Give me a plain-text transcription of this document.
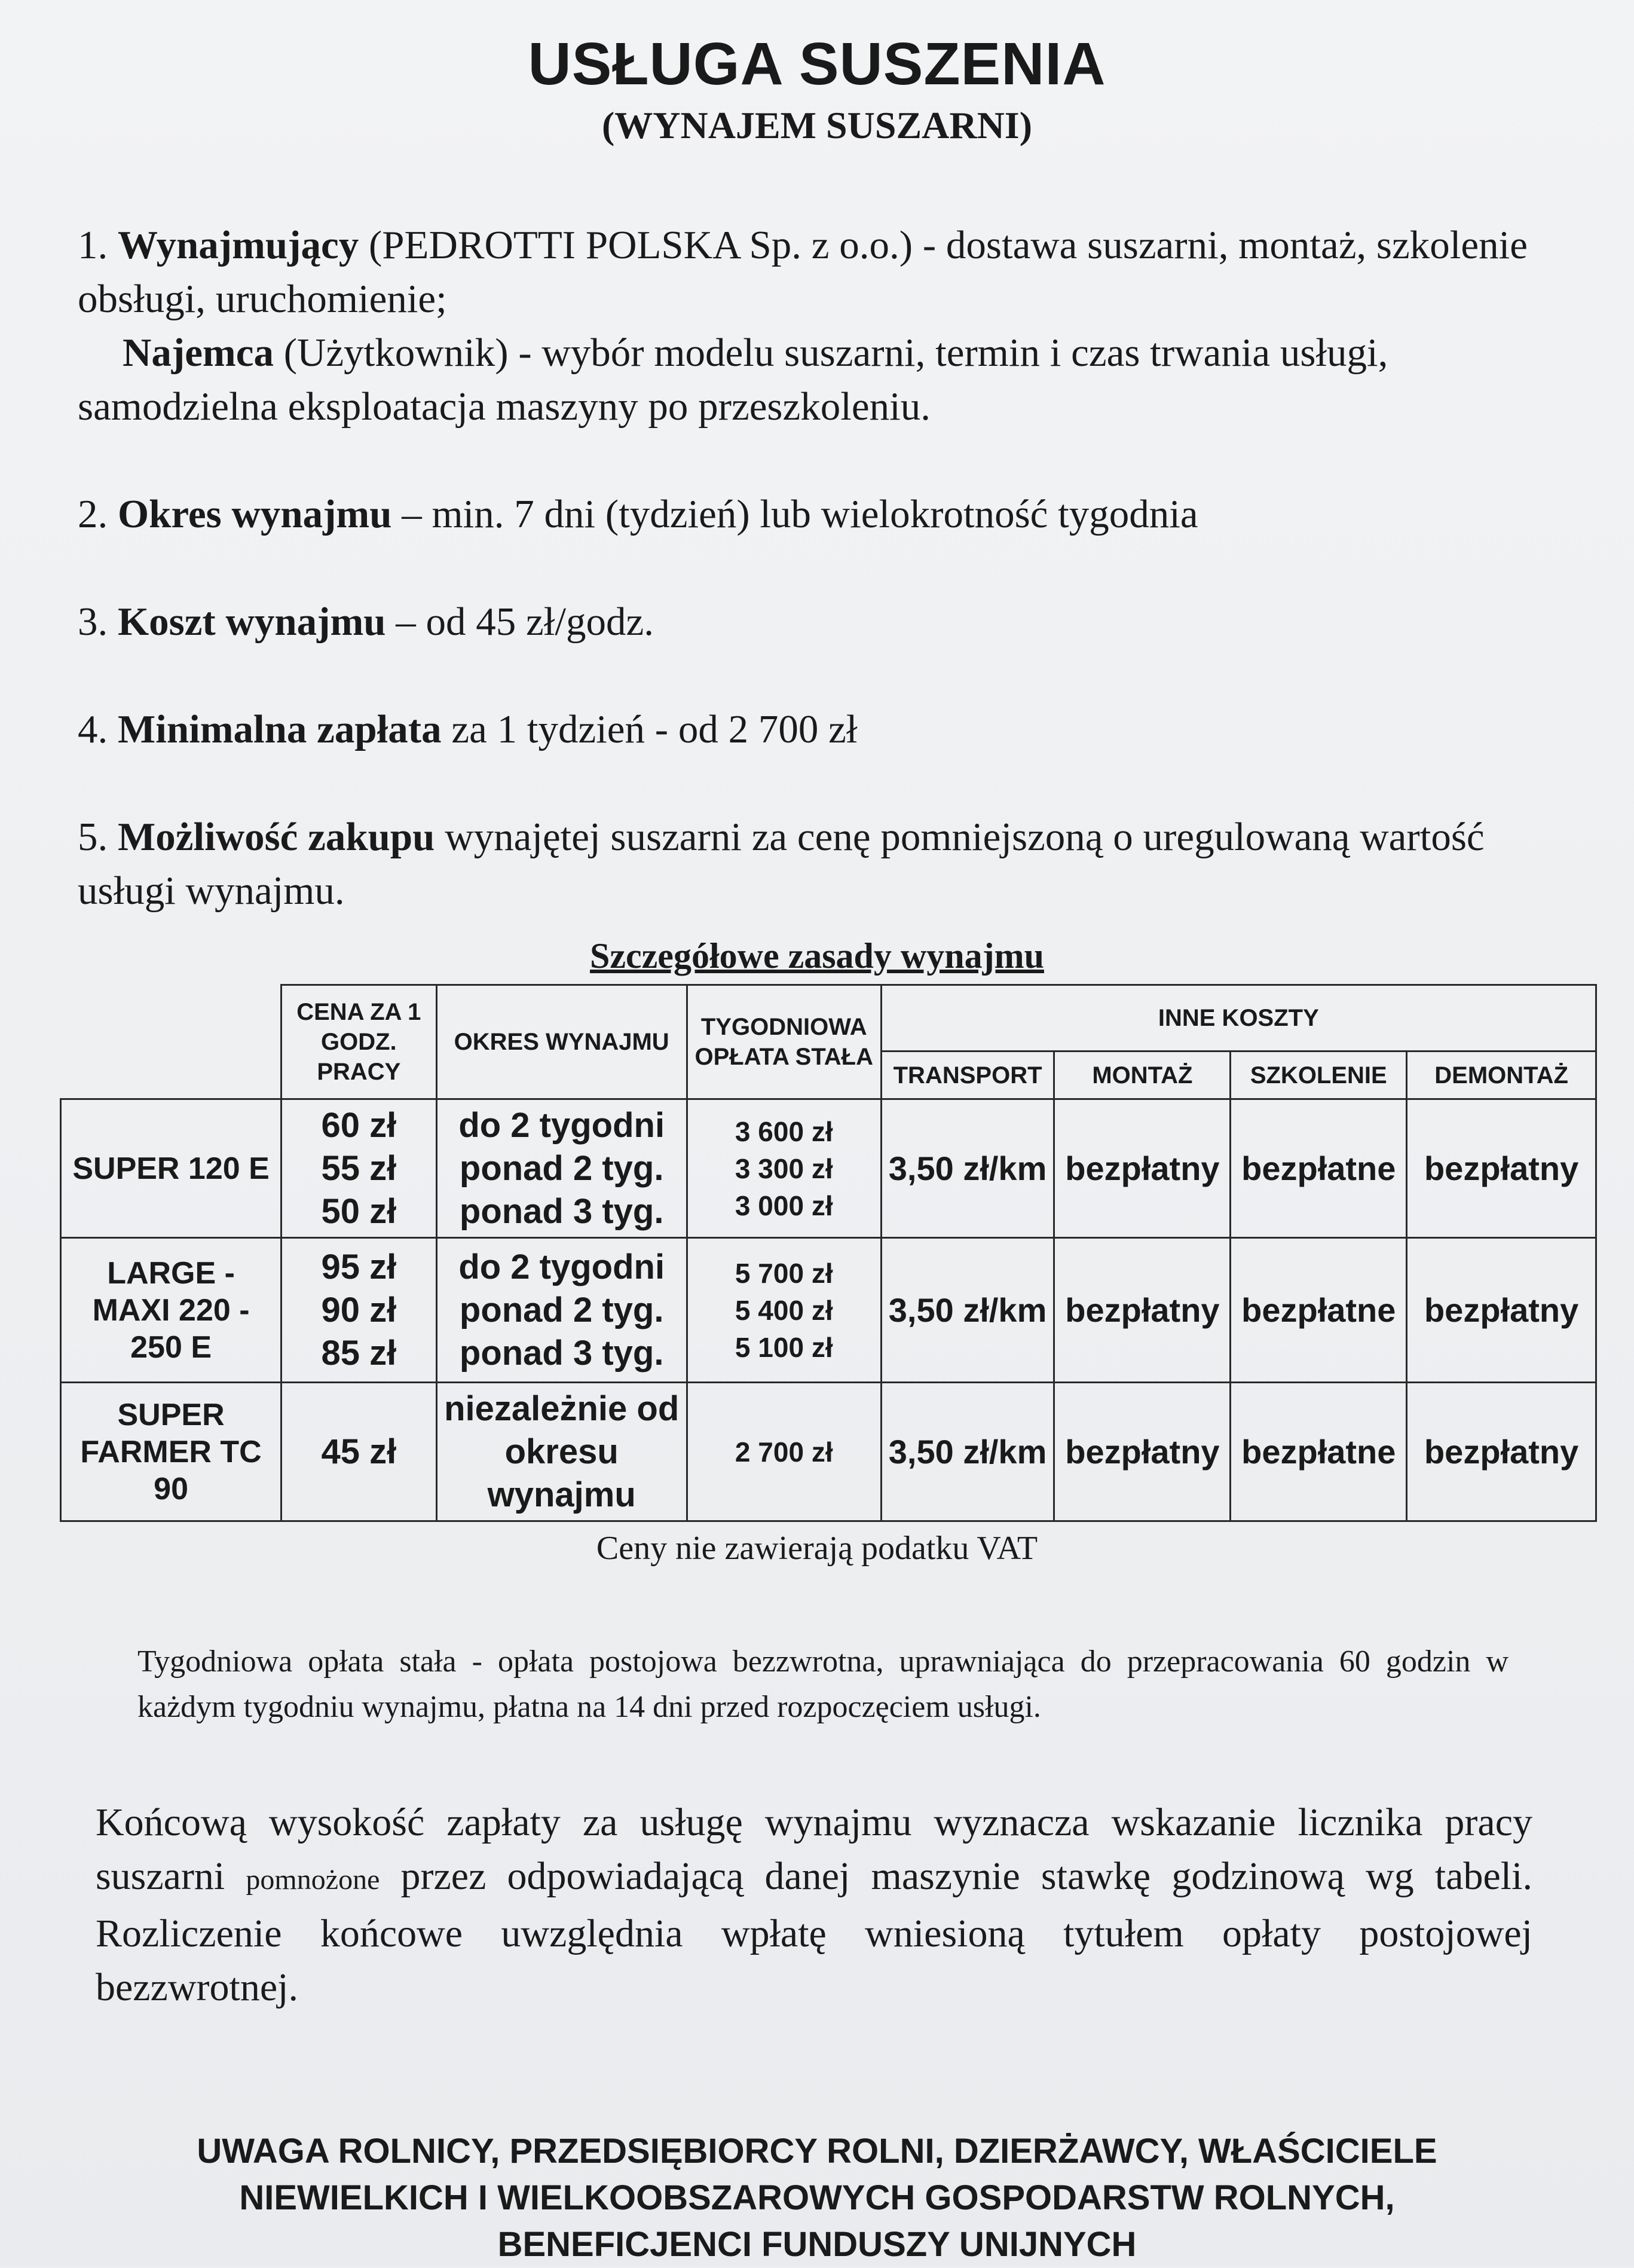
USŁUGA SUSZENIA
(WYNAJEM SUSZARNI)
1. Wynajmujący (PEDROTTI POLSKA Sp. z o.o.) - dostawa suszarni, montaż, szkolenie obsługi, uruchomienie;
Najemca (Użytkownik) - wybór modelu suszarni, termin i czas trwania usługi, samodzielna eksploatacja maszyny po przeszkoleniu.
2. Okres wynajmu – min. 7 dni (tydzień) lub wielokrotność tygodnia
3. Koszt wynajmu – od 45 zł/godz.
4. Minimalna zapłata za 1 tydzień - od 2 700 zł
5. Możliwość zakupu wynajętej suszarni za cenę pomniejszoną o uregulowaną wartość usługi wynajmu.
Szczegółowe zasady wynajmu
	CENA ZA 1 GODZ. PRACY	OKRES WYNAJMU	TYGODNIOWA OPŁATA STAŁA	INNE KOSZTY			
				TRANSPORT	MONTAŻ	SZKOLENIE	DEMONTAŻ
SUPER 120 E	60 zł
55 zł
50 zł	do 2 tygodni
ponad 2 tyg.
ponad 3 tyg.	3 600 zł
3 300 zł
3 000 zł	3,50 zł/km	bezpłatny	bezpłatne	bezpłatny
LARGE - MAXI 220 - 250 E	95 zł
90 zł
85 zł	do 2 tygodni
ponad 2 tyg.
ponad 3 tyg.	5 700 zł
5 400 zł
5 100 zł	3,50 zł/km	bezpłatny	bezpłatne	bezpłatny
SUPER FARMER TC 90	45 zł	niezależnie od okresu wynajmu	2 700 zł	3,50 zł/km	bezpłatny	bezpłatne	bezpłatny
Ceny nie zawierają podatku VAT

Tygodniowa opłata stała - opłata postojowa bezzwrotna, uprawniająca do przepracowania 60 godzin w każdym tygodniu wynajmu, płatna na 14 dni przed rozpoczęciem usługi.

Końcową wysokość zapłaty za usługę wynajmu wyznacza wskazanie licznika pracy suszarni pomnożone przez odpowiadającą danej maszynie stawkę godzinową wg tabeli. Rozliczenie końcowe uwzględnia wpłatę wniesioną tytułem opłaty postojowej bezzwrotnej.

UWAGA ROLNICY, PRZEDSIĘBIORCY ROLNI, DZIERŻAWCY, WŁAŚCICIELE
NIEWIELKICH I WIELKOOBSZAROWYCH GOSPODARSTW ROLNYCH,
BENEFICJENCI FUNDUSZY UNIJNYCH
